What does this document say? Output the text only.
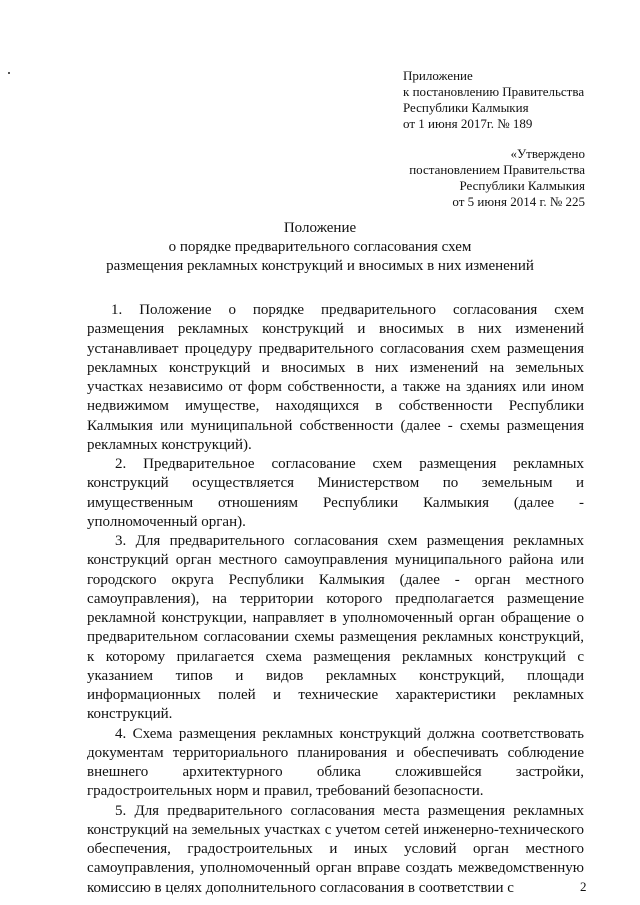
Приложение
к постановлению Правительства
Республики Калмыкия
от 1 июня 2017г. № 189
«Утверждено
постановлением Правительства
Республики Калмыкия
от 5 июня 2014 г. № 225
Положение
о порядке предварительного согласования схем
размещения рекламных конструкций и вносимых в них изменений

1. Положение о порядке предварительного согласования схем размещения рекламных конструкций и вносимых в них изменений устанавливает процедуру предварительного согласования схем размещения рекламных конструкций и вносимых в них изменений на земельных участках независимо от форм собственности, а также на зданиях или ином недвижимом имуществе, находящихся в собственности Республики Калмыкия или муниципальной собственности (далее - схемы размещения рекламных конструкций).

2. Предварительное согласование схем размещения рекламных конструкций осуществляется Министерством по земельным и имущественным отношениям Республики Калмыкия (далее - уполномоченный орган).

3. Для предварительного согласования схем размещения рекламных конструкций орган местного самоуправления муниципального района или городского округа Республики Калмыкия (далее - орган местного самоуправления), на территории которого предполагается размещение рекламной конструкции, направляет в уполномоченный орган обращение о предварительном согласовании схемы размещения рекламных конструкций, к которому прилагается схема размещения рекламных конструкций с указанием типов и видов рекламных конструкций, площади информационных полей и технические характеристики рекламных конструкций.

4. Схема размещения рекламных конструкций должна соответствовать документам территориального планирования и обеспечивать соблюдение внешнего архитектурного облика сложившейся застройки, градостроительных норм и правил, требований безопасности.

5. Для предварительного согласования места размещения рекламных конструкций на земельных участках с учетом сетей инженерно-технического обеспечения, градостроительных и иных условий орган местного самоуправления, уполномоченный орган вправе создать межведомственную комиссию в целях дополнительного согласования в соответствии с	2
